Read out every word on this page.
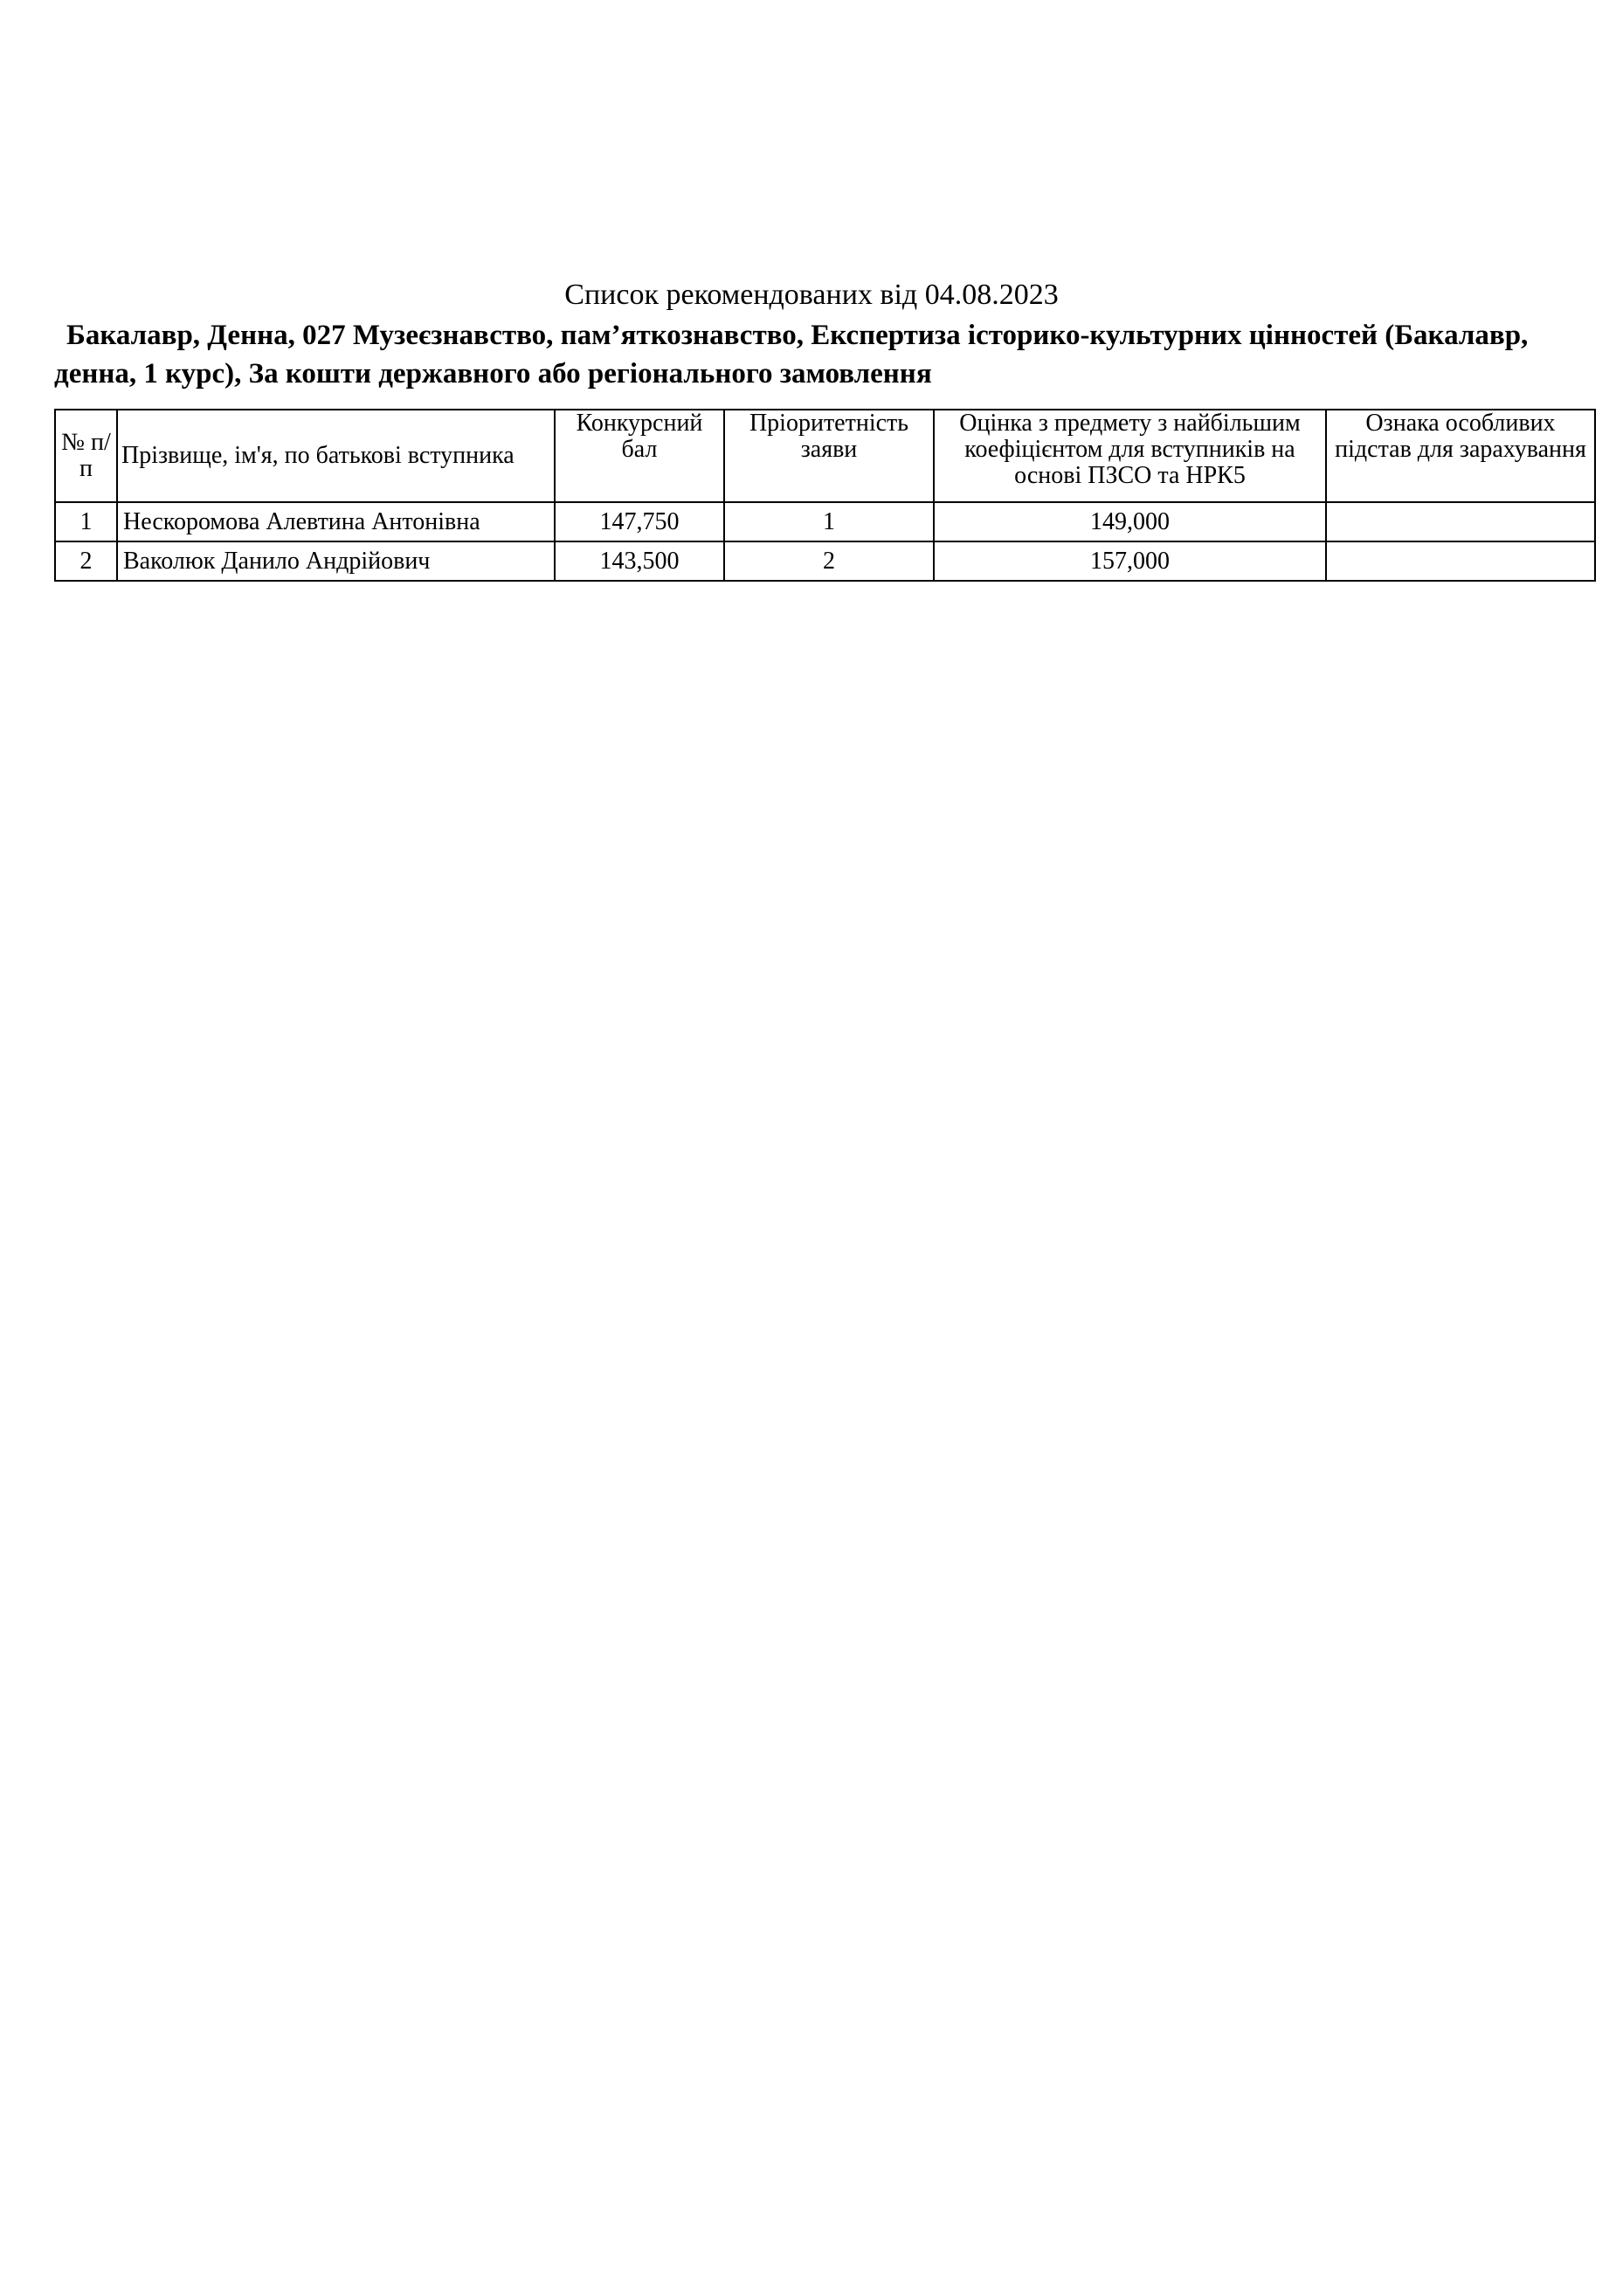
Список рекомендованих від 04.08.2023
Бакалавр, Денна, 027 Музеєзнавство, пам’яткознавство, Експертиза історико-культурних цінностей (Бакалавр, денна, 1 курс), За кошти державного або регіонального замовлення
№ п/п	Прізвище, ім'я, по батькові вступника	Конкурсний бал	Пріоритетність заяви	Оцінка з предмету з найбільшим коефіцієнтом для вступників на основі ПЗСО та НРК5	Ознака особливих підстав для зарахування
1	Нескоромова Алевтина Антонівна	147,750	1	149,000	
2	Ваколюк Данило Андрійович	143,500	2	157,000	
